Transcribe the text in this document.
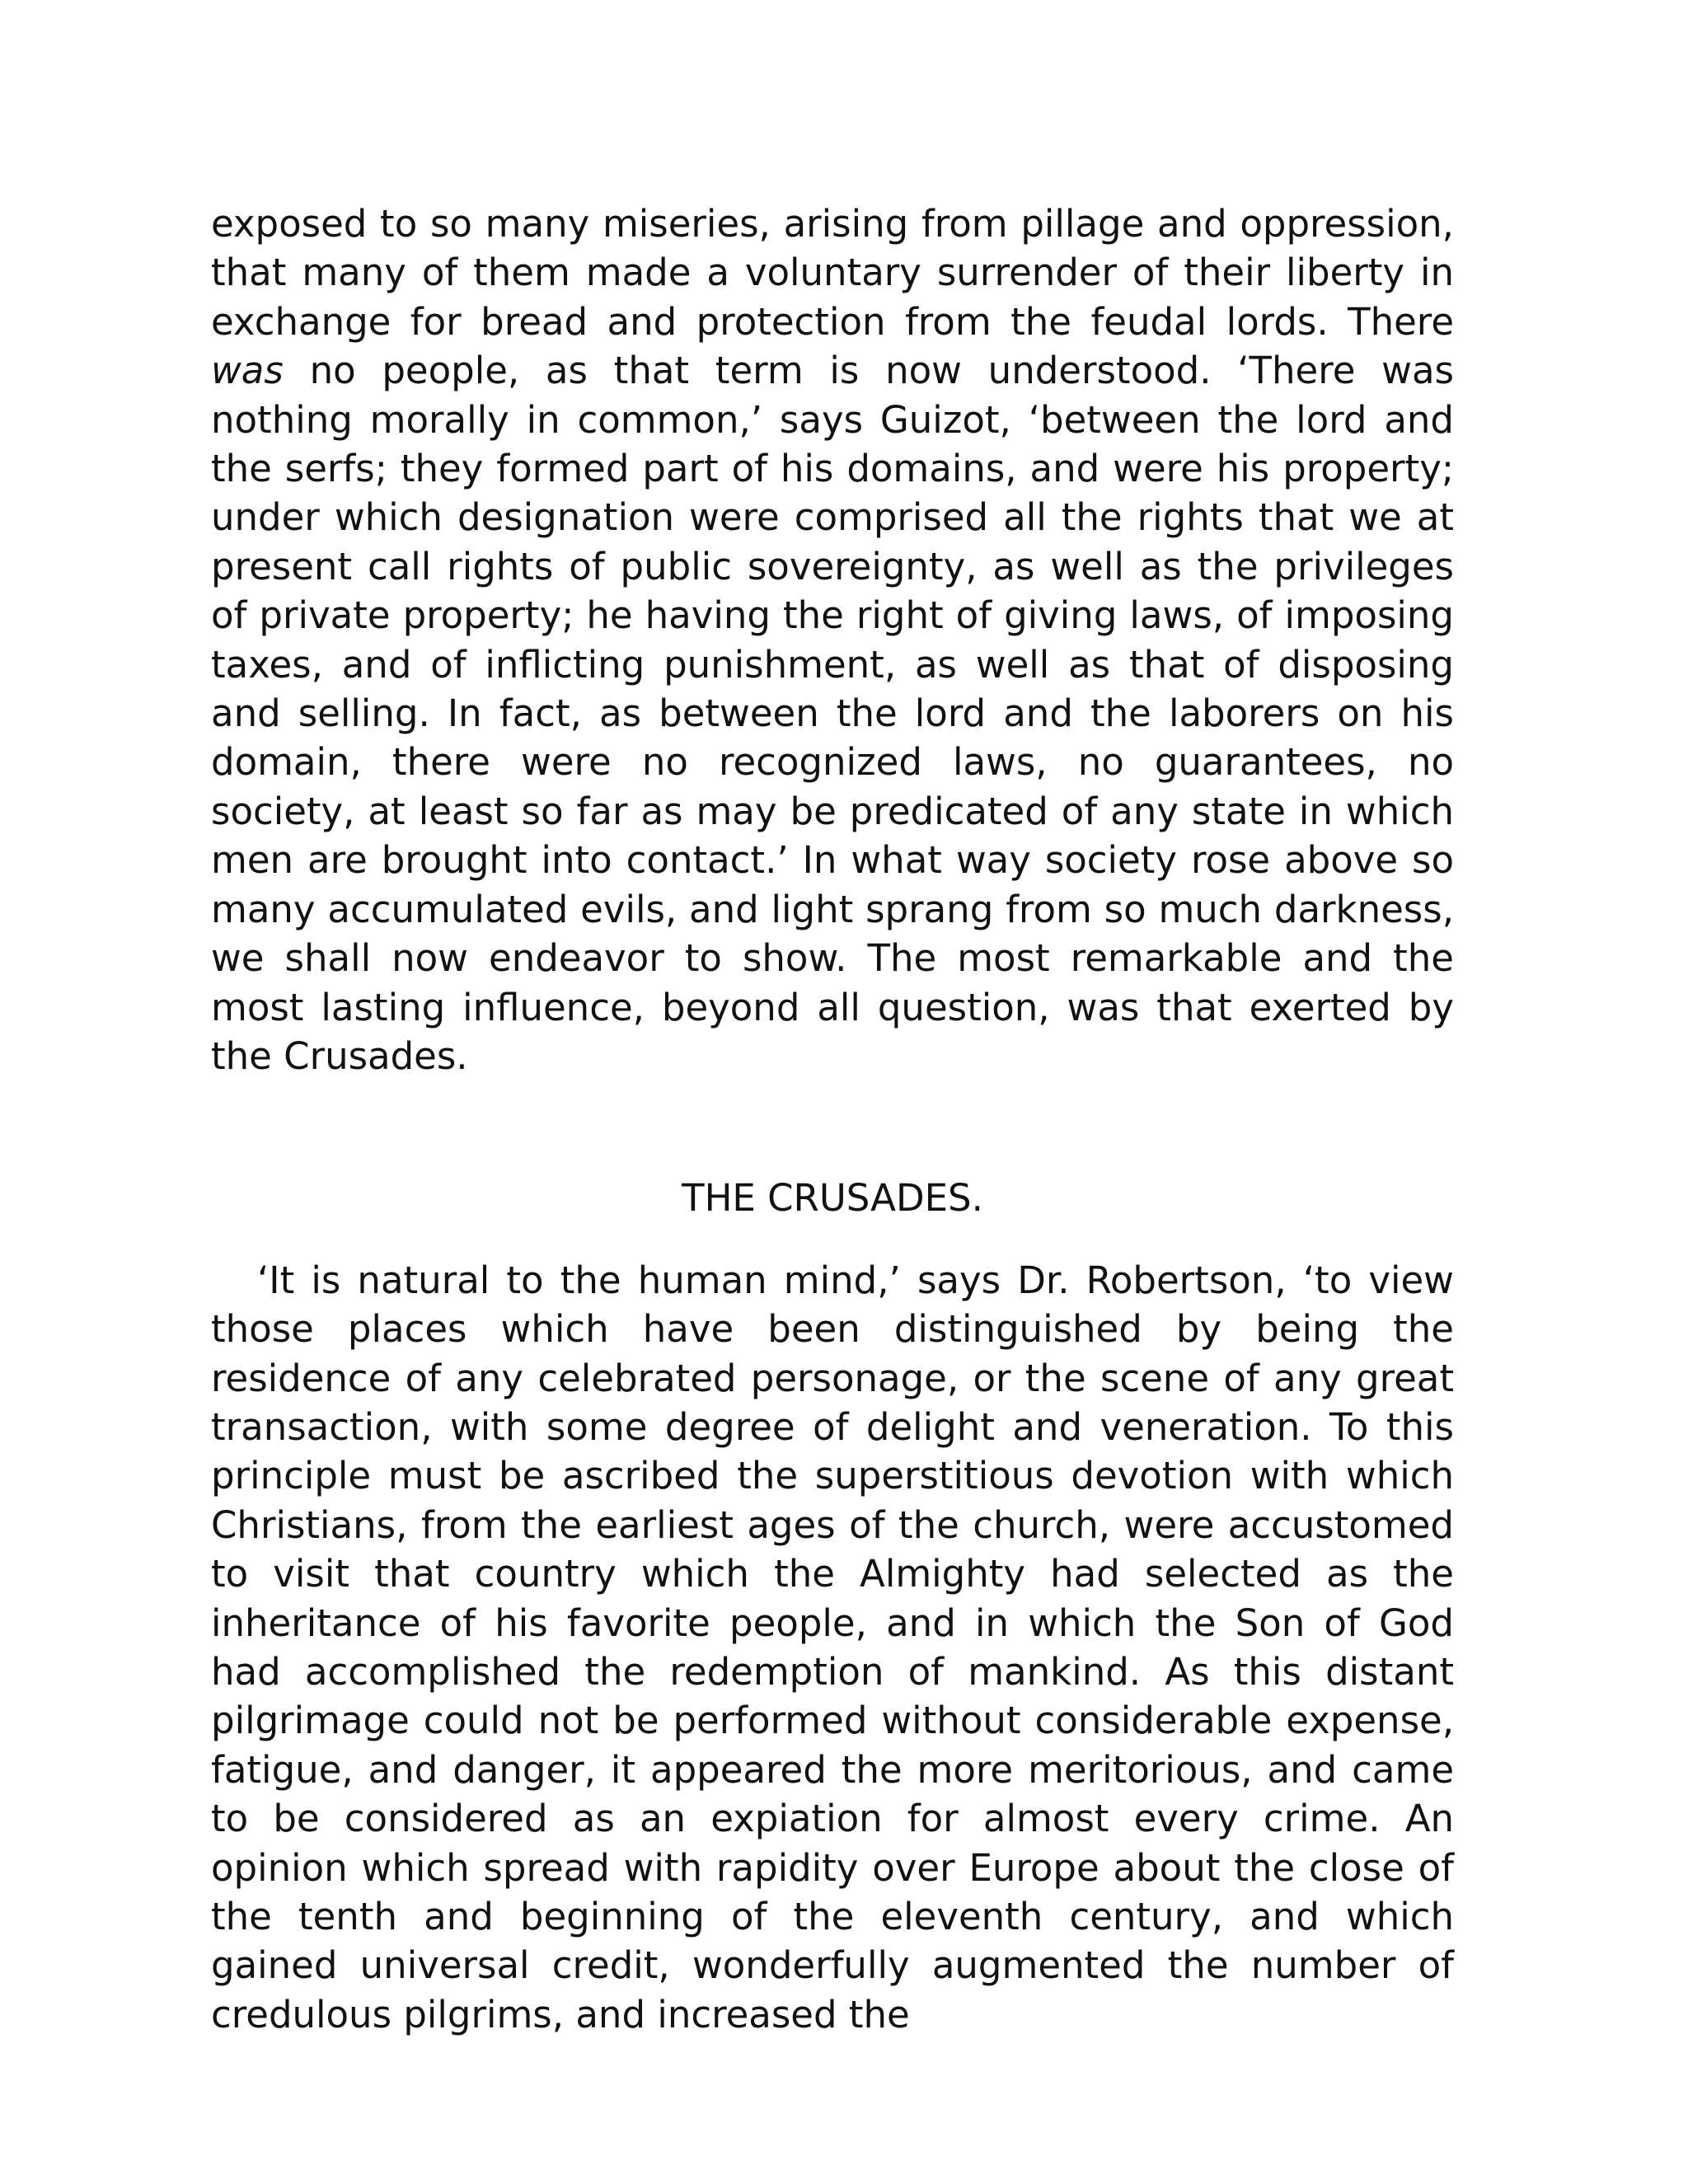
exposed to so many miseries, arising from pillage and oppression, that many of them made a voluntary surrender of their liberty in exchange for bread and protection from the feudal lords. There was no people, as that term is now understood. ‘There was nothing morally in common,’ says Guizot, ‘between the lord and the serfs; they formed part of his domains, and were his property; under which designation were comprised all the rights that we at present call rights of public sovereignty, as well as the privileges of private property; he having the right of giving laws, of imposing taxes, and of inflicting punishment, as well as that of disposing and selling. In fact, as between the lord and the laborers on his domain, there were no recognized laws, no guarantees, no society, at least so far as may be predicated of any state in which men are brought into contact.’ In what way society rose above so many accumulated evils, and light sprang from so much darkness, we shall now endeavor to show. The most remarkable and the most lasting influence, beyond all question, was that exerted by the Crusades.

THE CRUSADES.

‘It is natural to the human mind,’ says Dr. Robertson, ‘to view those places which have been distinguished by being the residence of any celebrated personage, or the scene of any great transaction, with some degree of delight and veneration. To this principle must be ascribed the superstitious devotion with which Christians, from the earliest ages of the church, were accustomed to visit that country which the Almighty had selected as the inheritance of his favorite people, and in which the Son of God had accomplished the redemption of mankind. As this distant pilgrimage could not be performed without considerable expense, fatigue, and danger, it appeared the more meritorious, and came to be considered as an expiation for almost every crime. An opinion which spread with rapidity over Europe about the close of the tenth and beginning of the eleventh century, and which gained universal credit, wonderfully augmented the number of credulous pilgrims, and increased the
